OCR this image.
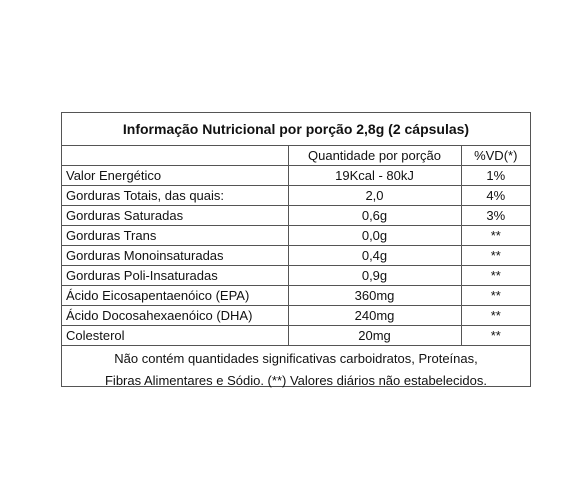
Informação Nutricional por porção 2,8g (2 cápsulas)
	Quantidade por porção	%VD(*)
Valor Energético	19Kcal - 80kJ	1%
Gorduras Totais, das quais:	2,0	4%
Gorduras Saturadas	0,6g	3%
Gorduras Trans	0,0g	**
Gorduras Monoinsaturadas	0,4g	**
Gorduras Poli-Insaturadas	0,9g	**
Ácido Eicosapentaenóico (EPA)	360mg	**
Ácido Docosahexaenóico (DHA)	240mg	**
Colesterol	20mg	**
Não contém quantidades significativas carboidratos, Proteínas,
Fibras Alimentares e Sódio. (**) Valores diários não estabelecidos.
